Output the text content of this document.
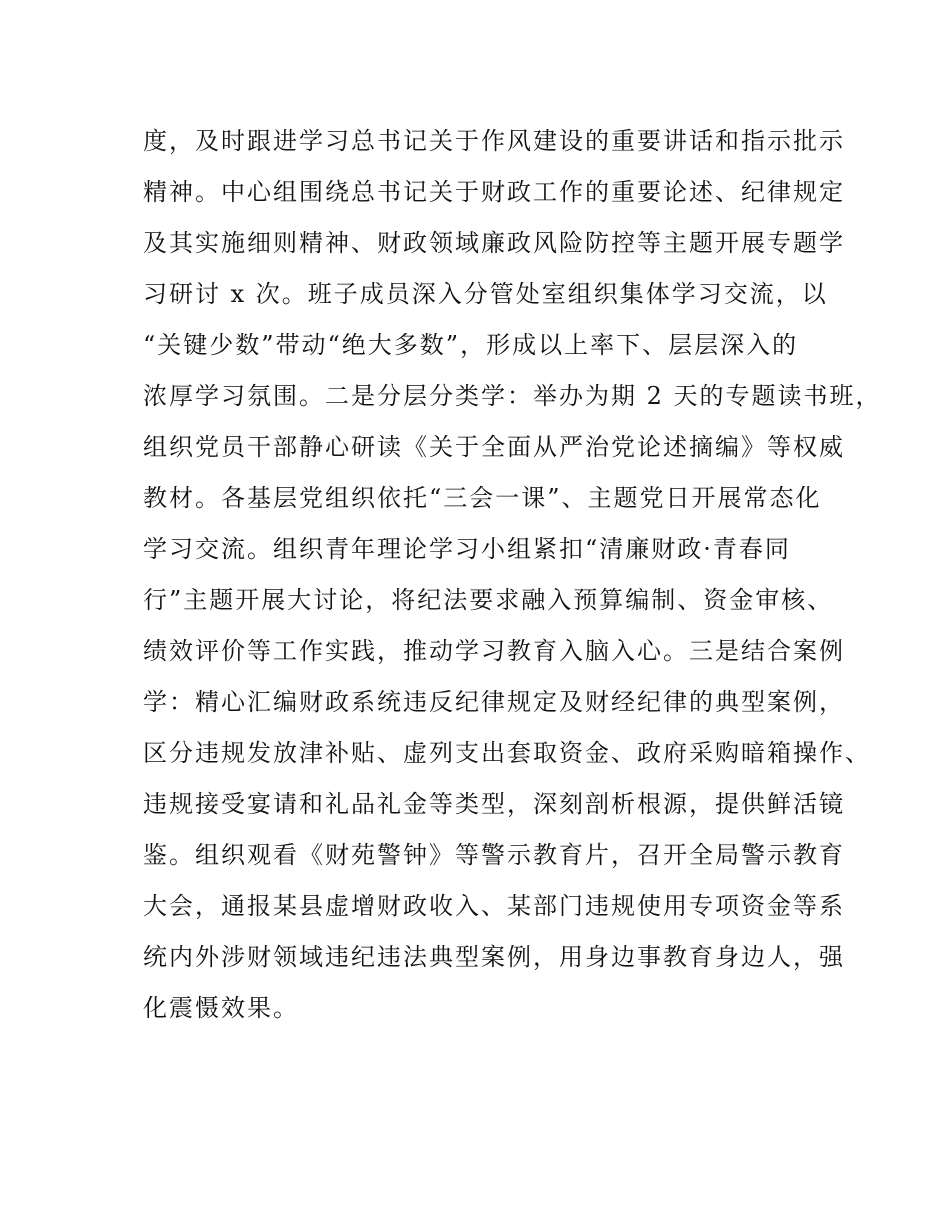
度，及时跟进学习总书记关于作风建设的重要讲话和指示批示
精神。中心组围绕总书记关于财政工作的重要论述、纪律规定
及其实施细则精神、财政领域廉政风险防控等主题开展专题学
习研讨 x 次。班子成员深入分管处室组织集体学习交流，以
“关键少数”带动“绝大多数”，形成以上率下、层层深入的
浓厚学习氛围。二是分层分类学：举办为期 2 天的专题读书班，
组织党员干部静心研读《关于全面从严治党论述摘编》等权威
教材。各基层党组织依托“三会一课”、主题党日开展常态化
学习交流。组织青年理论学习小组紧扣“清廉财政·青春同
行”主题开展大讨论，将纪法要求融入预算编制、资金审核、
绩效评价等工作实践，推动学习教育入脑入心。三是结合案例
学：精心汇编财政系统违反纪律规定及财经纪律的典型案例，
区分违规发放津补贴、虚列支出套取资金、政府采购暗箱操作、
违规接受宴请和礼品礼金等类型，深刻剖析根源，提供鲜活镜
鉴。组织观看《财苑警钟》等警示教育片，召开全局警示教育
大会，通报某县虚增财政收入、某部门违规使用专项资金等系
统内外涉财领域违纪违法典型案例，用身边事教育身边人，强
化震慑效果。
